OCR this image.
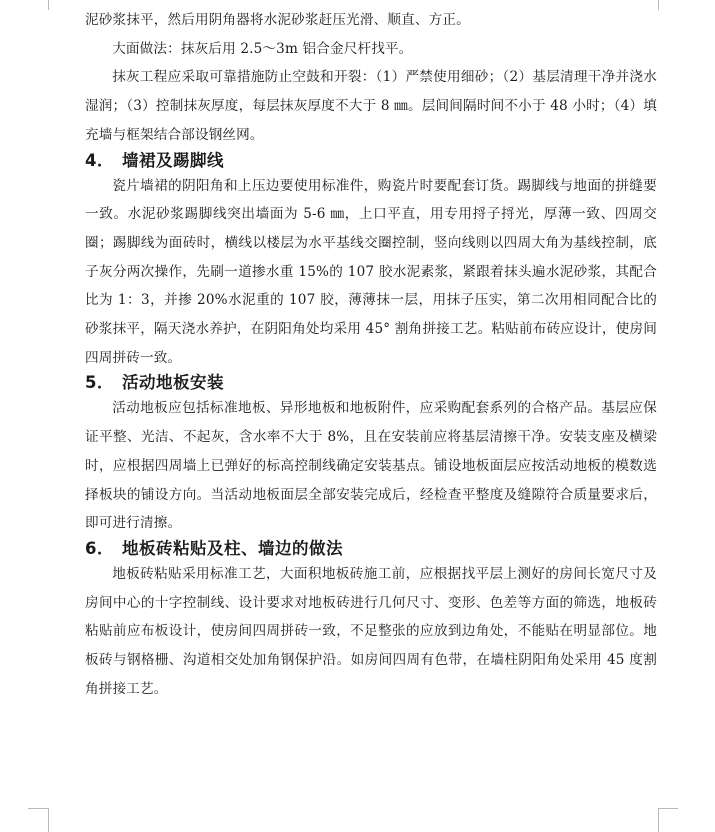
泥砂浆抹平，然后用阴角器将水泥砂浆赶压光滑、顺直、方正。

大面做法：抹灰后用 2.5～3m 铝合金尺杆找平。

抹灰工程应采取可靠措施防止空鼓和开裂：（1）严禁使用细砂；（2）基层清理干净并浇水湿润；（3）控制抹灰厚度，每层抹灰厚度不大于 8 ㎜。层间间隔时间不小于 48 小时；（4）填充墙与框架结合部设钢丝网。

4． 墙裙及踢脚线

瓷片墙裙的阴阳角和上压边要使用标准件，购瓷片时要配套订货。踢脚线与地面的拼缝要一致。水泥砂浆踢脚线突出墙面为 5-6 ㎜，上口平直，用专用捋子捋光，厚薄一致、四周交圈；踢脚线为面砖时，横线以楼层为水平基线交圈控制，竖向线则以四周大角为基线控制，底子灰分两次操作，先刷一道掺水重 15%的 107 胶水泥素浆，紧跟着抹头遍水泥砂浆，其配合比为 1：3，并掺 20%水泥重的 107 胶，薄薄抹一层，用抹子压实，第二次用相同配合比的砂浆抹平，隔天浇水养护，在阴阳角处均采用 45° 割角拼接工艺。粘贴前布砖应设计，使房间四周拼砖一致。

5． 活动地板安装

活动地板应包括标准地板、异形地板和地板附件，应采购配套系列的合格产品。基层应保证平整、光洁、不起灰，含水率不大于 8%，且在安装前应将基层清擦干净。安装支座及横梁时，应根据四周墙上已弹好的标高控制线确定安装基点。铺设地板面层应按活动地板的模数选择板块的铺设方向。当活动地板面层全部安装完成后，经检查平整度及缝隙符合质量要求后，即可进行清擦。

6． 地板砖粘贴及柱、墙边的做法

地板砖粘贴采用标准工艺，大面积地板砖施工前，应根据找平层上测好的房间长宽尺寸及房间中心的十字控制线、设计要求对地板砖进行几何尺寸、变形、色差等方面的筛选，地板砖粘贴前应布板设计，使房间四周拼砖一致，不足整张的应放到边角处，不能贴在明显部位。地板砖与钢格栅、沟道相交处加角钢保护沿。如房间四周有色带，在墙柱阴阳角处采用 45 度割角拼接工艺。
